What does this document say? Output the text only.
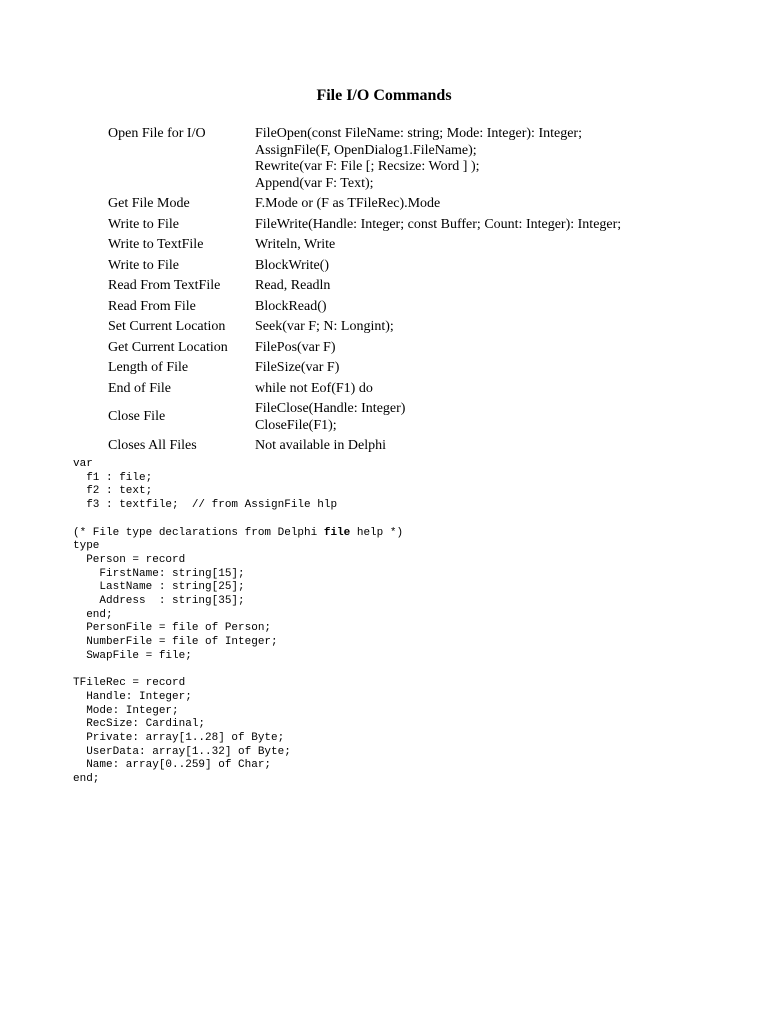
File I/O Commands
Open File for I/O	FileOpen(const FileName: string; Mode: Integer): Integer;
AssignFile(F, OpenDialog1.FileName);
Rewrite(var F: File [; Recsize: Word ] );
Append(var F: Text);

Get File Mode	F.Mode or (F as TFileRec).Mode

Write to File	FileWrite(Handle: Integer; const Buffer; Count: Integer): Integer;

Write to TextFile	Writeln, Write

Write to File	BlockWrite()

Read From TextFile	Read, Readln

Read From File	BlockRead()

Set Current Location	Seek(var F; N: Longint);

Get Current Location	FilePos(var F)

Length of File	FileSize(var F)

End of File	while not Eof(F1) do

Close File	FileClose(Handle: Integer)
CloseFile(F1);

Closes All Files	Not available in Delphi
var
f1 : file;
f2 : text;
f3 : textfile;  // from AssignFile hlp
(* File type declarations from Delphi file help *)
type
Person = record
FirstName: string[15];
LastName : string[25];
Address  : string[35];
end;
PersonFile = file of Person;
NumberFile = file of Integer;
SwapFile = file;
TFileRec = record
Handle: Integer;
Mode: Integer;
RecSize: Cardinal;
Private: array[1..28] of Byte;
UserData: array[1..32] of Byte;
Name: array[0..259] of Char;
end;
